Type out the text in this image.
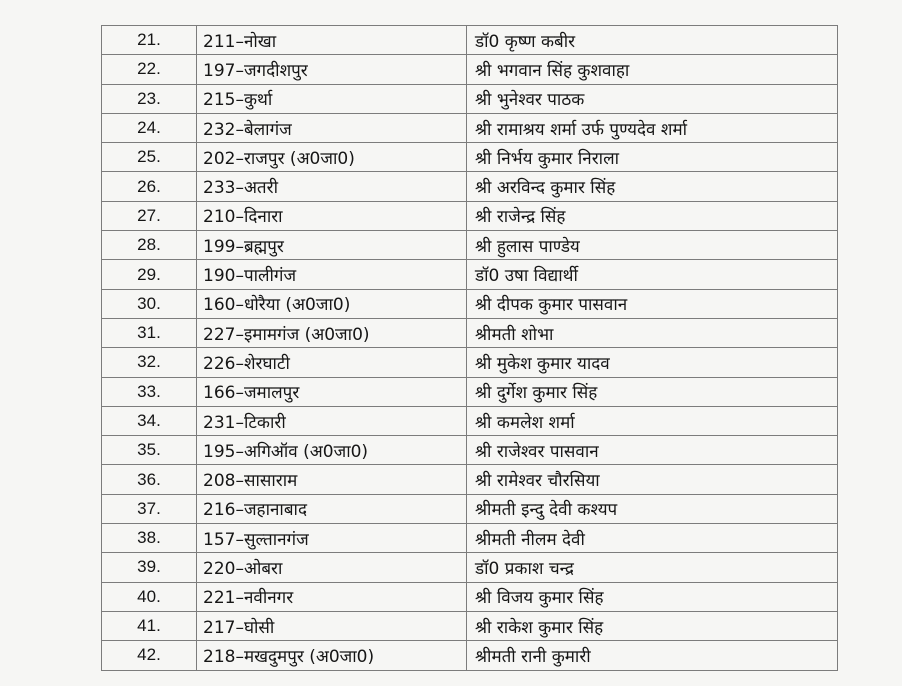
21.	211–नोखा	डॉ0 कृष्ण कबीर
22.	197–जगदीशपुर	श्री भगवान सिंह कुशवाहा
23.	215–कुर्था	श्री भुनेश्वर पाठक
24.	232–बेलागंज	श्री रामाश्रय शर्मा उर्फ पुण्यदेव शर्मा
25.	202–राजपुर (अ0जा0)	श्री निर्भय कुमार निराला
26.	233–अतरी	श्री अरविन्द कुमार सिंह
27.	210–दिनारा	श्री राजेन्द्र सिंह
28.	199–ब्रह्मपुर	श्री हुलास पाण्डेय
29.	190–पालीगंज	डॉ0 उषा विद्यार्थी
30.	160–धोरैया (अ0जा0)	श्री दीपक कुमार पासवान
31.	227–इमामगंज (अ0जा0)	श्रीमती शोभा
32.	226–शेरघाटी	श्री मुकेश कुमार यादव
33.	166–जमालपुर	श्री दुर्गेश कुमार सिंह
34.	231–टिकारी	श्री कमलेश शर्मा
35.	195–अगिऑव (अ0जा0)	श्री राजेश्वर पासवान
36.	208–सासाराम	श्री रामेश्वर चौरसिया
37.	216–जहानाबाद	श्रीमती इन्दु देवी कश्यप
38.	157–सुल्तानगंज	श्रीमती नीलम देवी
39.	220–ओबरा	डॉ0 प्रकाश चन्द्र
40.	221–नवीनगर	श्री विजय कुमार सिंह
41.	217–घोसी	श्री राकेश कुमार सिंह
42.	218–मखदुमपुर (अ0जा0)	श्रीमती रानी कुमारी
